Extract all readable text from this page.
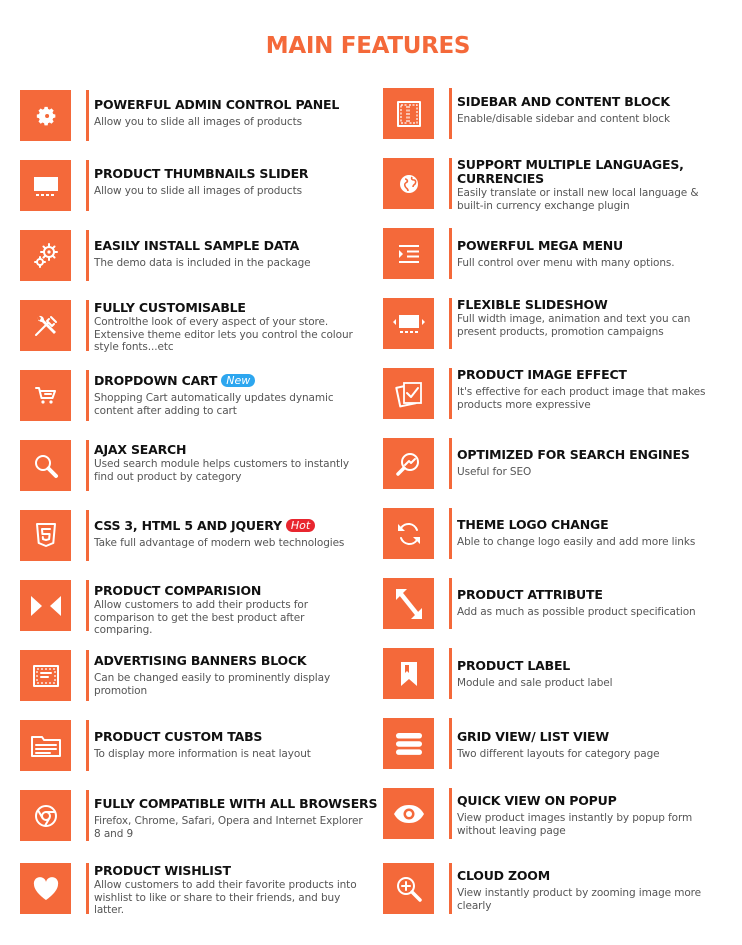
MAIN FEATURES
POWERFUL ADMIN CONTROL PANEL
Allow you to slide all images of products
PRODUCT THUMBNAILS SLIDER
Allow you to slide all images of products
EASILY INSTALL SAMPLE DATA
The demo data is included in the package
FULLY CUSTOMISABLE
Controlthe look of every aspect of your store. Extensive theme editor lets you control the colour style fonts...etc
DROPDOWN CART New
Shopping Cart automatically updates dynamic content after adding to cart
AJAX SEARCH
Used search module helps customers to instantly find out product by category
CSS 3, HTML 5 AND JQUERY Hot
Take full advantage of modern web technologies
PRODUCT COMPARISION
Allow customers to add their products for comparison to get the best product after comparing.
ADVERTISING BANNERS BLOCK
Can be changed easily to prominently display promotion
PRODUCT CUSTOM TABS
To display more information is neat layout
FULLY COMPATIBLE WITH ALL BROWSERS
Firefox, Chrome, Safari, Opera and Internet Explorer 8 and 9
PRODUCT WISHLIST
Allow customers to add their favorite products into wishlist to like or share to their friends, and buy latter.
SIDEBAR AND CONTENT BLOCK
Enable/disable sidebar and content block
SUPPORT MULTIPLE LANGUAGES, CURRENCIES
Easily translate or install new local language & built-in currency exchange plugin
POWERFUL MEGA MENU
Full control over menu with many options.
FLEXIBLE SLIDESHOW
Full width image, animation and text you can present products, promotion campaigns
PRODUCT IMAGE EFFECT
It's effective for each product image that makes products more expressive
OPTIMIZED FOR SEARCH ENGINES
Useful for SEO
THEME LOGO CHANGE
Able to change logo easily and add more links
PRODUCT ATTRIBUTE
Add as much as possible product specification
PRODUCT LABEL
Module and sale product label
GRID VIEW/ LIST VIEW
Two different layouts for category page
QUICK VIEW ON POPUP
View product images instantly by popup form without leaving page
CLOUD ZOOM
View instantly product by zooming image more clearly
